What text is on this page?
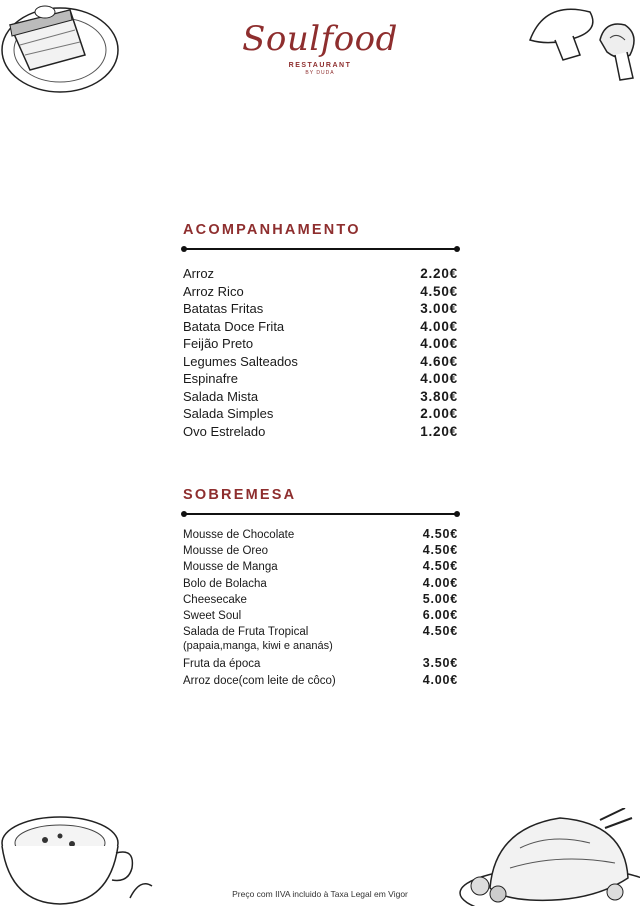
Soulfood
RESTAURANT
BY DUDA
ACOMPANHAMENTO
Arroz	2.20€
Arroz Rico	4.50€
Batatas Fritas	3.00€
Batata Doce Frita	4.00€
Feijão Preto	4.00€
Legumes Salteados	4.60€
Espinafre	4.00€
Salada Mista	3.80€
Salada Simples	2.00€
Ovo Estrelado	1.20€
SOBREMESA
Mousse de Chocolate	4.50€
Mousse de Oreo	4.50€
Mousse de Manga	4.50€
Bolo de Bolacha	4.00€
Cheesecake	5.00€
Sweet Soul	6.00€
Salada de Fruta Tropical	4.50€
(papaia,manga, kiwi e ananás)
Fruta da época	3.50€
Arroz doce(com leite de côco)	4.00€
Preço com IIVA incluido à Taxa Legal em Vigor
